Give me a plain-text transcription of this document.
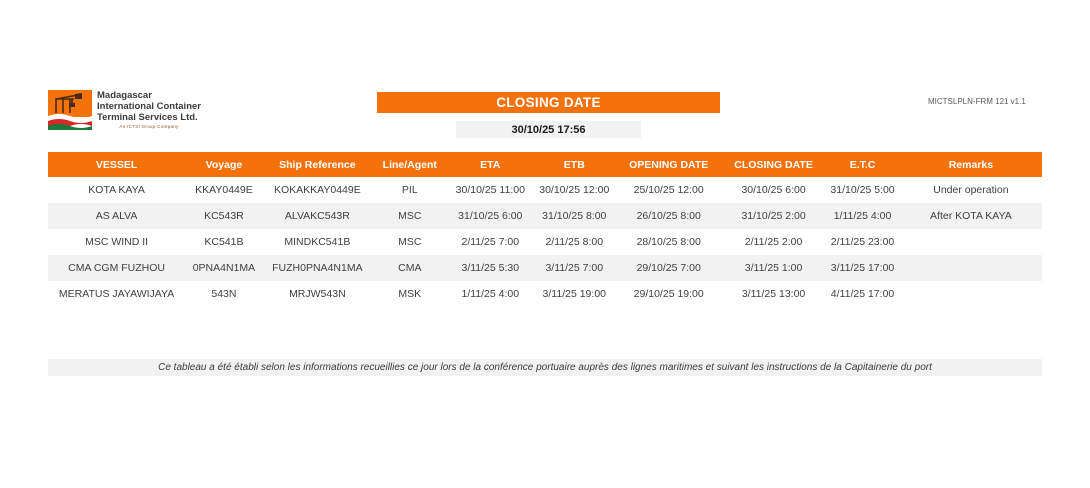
Madagascar
International Container
Terminal Services Ltd.
An ICTSI Group Company
CLOSING DATE
30/10/25 17:56
MICTSLPLN-FRM 121 v1.1
VESSEL	Voyage	Ship Reference	Line/Agent	ETA	ETB	OPENING DATE	CLOSING DATE	E.T.C	Remarks
KOTA KAYA	KKAY0449E	KOKAKKAY0449E	PIL	30/10/25 11:00	30/10/25 12:00	25/10/25 12:00	30/10/25 6:00	31/10/25 5:00	Under operation
AS ALVA	KC543R	ALVAKC543R	MSC	31/10/25 6:00	31/10/25 8:00	26/10/25 8:00	31/10/25 2:00	1/11/25 4:00	After KOTA KAYA
MSC WIND II	KC541B	MINDKC541B	MSC	2/11/25 7:00	2/11/25 8:00	28/10/25 8:00	2/11/25 2:00	2/11/25 23:00	
CMA CGM FUZHOU	0PNA4N1MA	FUZH0PNA4N1MA	CMA	3/11/25 5:30	3/11/25 7:00	29/10/25 7:00	3/11/25 1:00	3/11/25 17:00	
MERATUS JAYAWIJAYA	543N	MRJW543N	MSK	1/11/25 4:00	3/11/25 19:00	29/10/25 19:00	3/11/25 13:00	4/11/25 17:00	
Ce tableau a été établi selon les informations recueillies ce jour lors de la conférence portuaire auprès des lignes maritimes et suivant les instructions de la Capitainerie du port
